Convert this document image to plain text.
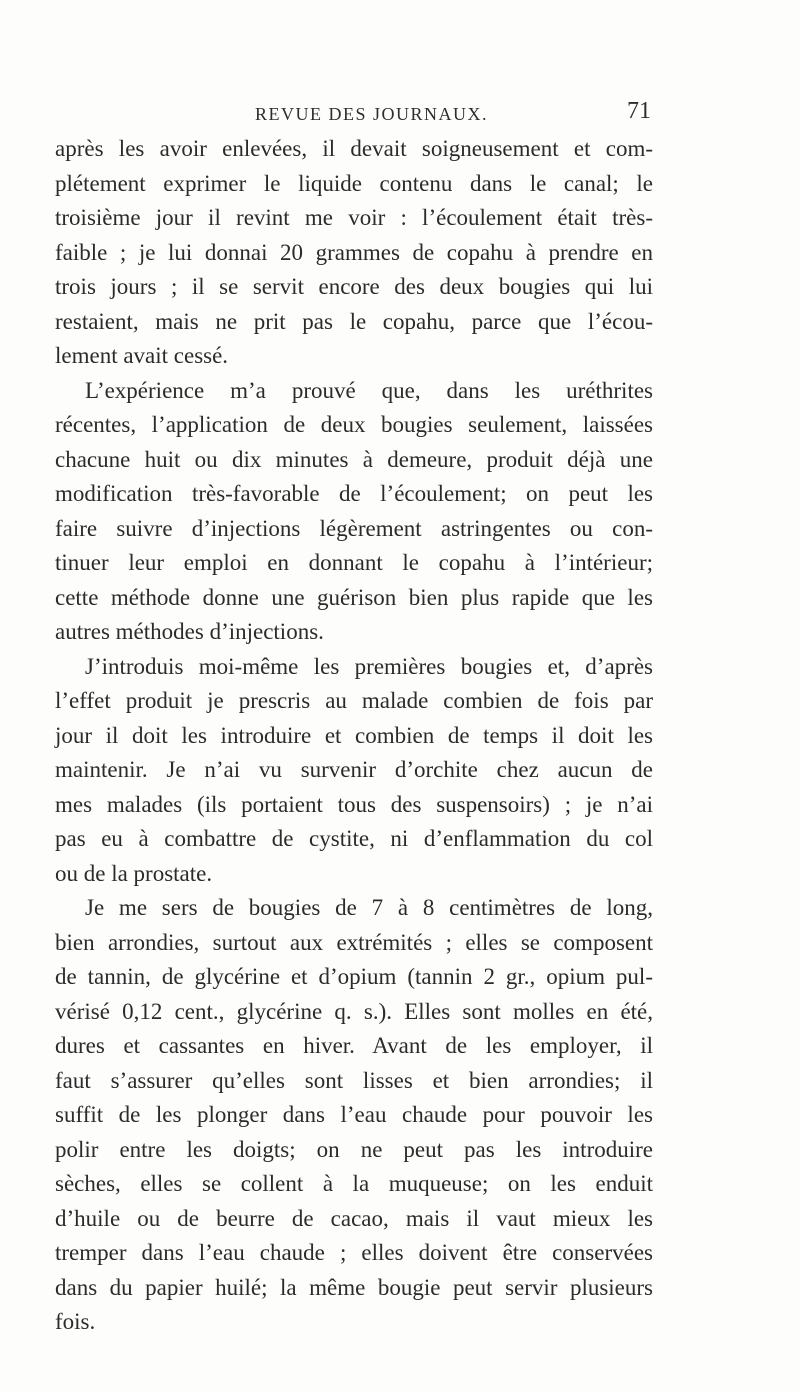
REVUE DES JOURNAUX.	71
après les avoir enlevées, il devait soigneusement et com-
plétement exprimer le liquide contenu dans le canal; le
troisième jour il revint me voir : l’écoulement était très-
faible ; je lui donnai 20 grammes de copahu à prendre en
trois jours ; il se servit encore des deux bougies qui lui
restaient, mais ne prit pas le copahu, parce que l’écou-
lement avait cessé.
L’expérience m’a prouvé que, dans les uréthrites
récentes, l’application de deux bougies seulement, laissées
chacune huit ou dix minutes à demeure, produit déjà une
modification très-favorable de l’écoulement; on peut les
faire suivre d’injections légèrement astringentes ou con-
tinuer leur emploi en donnant le copahu à l’intérieur;
cette méthode donne une guérison bien plus rapide que les
autres méthodes d’injections.
J’introduis moi-même les premières bougies et, d’après
l’effet produit je prescris au malade combien de fois par
jour il doit les introduire et combien de temps il doit les
maintenir. Je n’ai vu survenir d’orchite chez aucun de
mes malades (ils portaient tous des suspensoirs) ; je n’ai
pas eu à combattre de cystite, ni d’enflammation du col
ou de la prostate.
Je me sers de bougies de 7 à 8 centimètres de long,
bien arrondies, surtout aux extrémités ; elles se composent
de tannin, de glycérine et d’opium (tannin 2 gr., opium pul-
vérisé 0,12 cent., glycérine q. s.). Elles sont molles en été,
dures et cassantes en hiver. Avant de les employer, il
faut s’assurer qu’elles sont lisses et bien arrondies; il
suffit de les plonger dans l’eau chaude pour pouvoir les
polir entre les doigts; on ne peut pas les introduire
sèches, elles se collent à la muqueuse; on les enduit
d’huile ou de beurre de cacao, mais il vaut mieux les
tremper dans l’eau chaude ; elles doivent être conservées
dans du papier huilé; la même bougie peut servir plusieurs
fois.
